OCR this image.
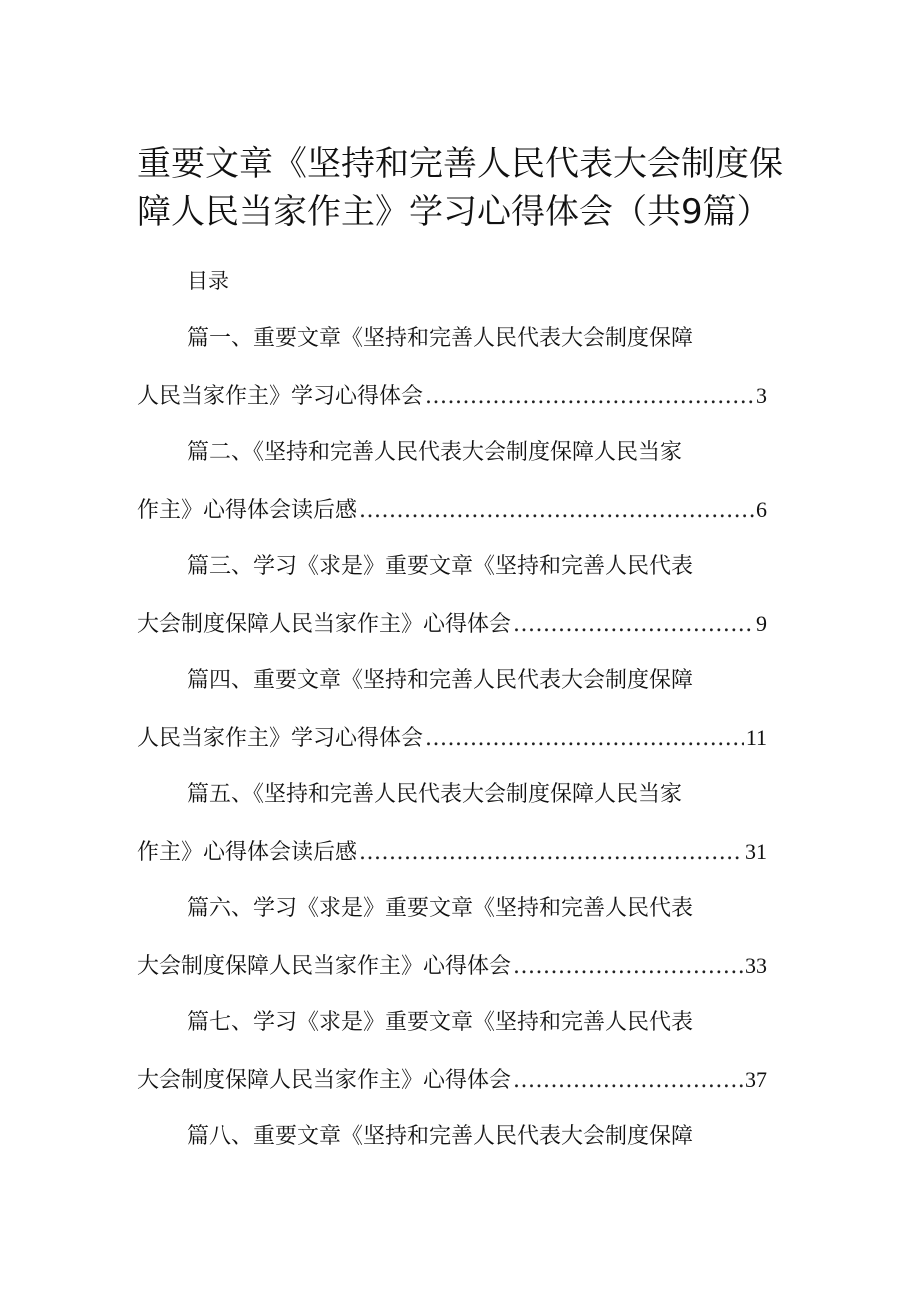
重要文章《坚持和完善人民代表大会制度保障人民当家作主》学习心得体会（共9篇）
目录
篇一、重要文章《坚持和完善人民代表大会制度保障
人民当家作主》学习心得体会 .....	3
篇二、《坚持和完善人民代表大会制度保障人民当家
作主》心得体会读后感 .....	6
篇三、学习《求是》重要文章《坚持和完善人民代表
大会制度保障人民当家作主》心得体会 .....	9
篇四、重要文章《坚持和完善人民代表大会制度保障
人民当家作主》学习心得体会 .....	11
篇五、《坚持和完善人民代表大会制度保障人民当家
作主》心得体会读后感 .....	31
篇六、学习《求是》重要文章《坚持和完善人民代表
大会制度保障人民当家作主》心得体会 .....	33
篇七、学习《求是》重要文章《坚持和完善人民代表
大会制度保障人民当家作主》心得体会 .....	37
篇八、重要文章《坚持和完善人民代表大会制度保障
